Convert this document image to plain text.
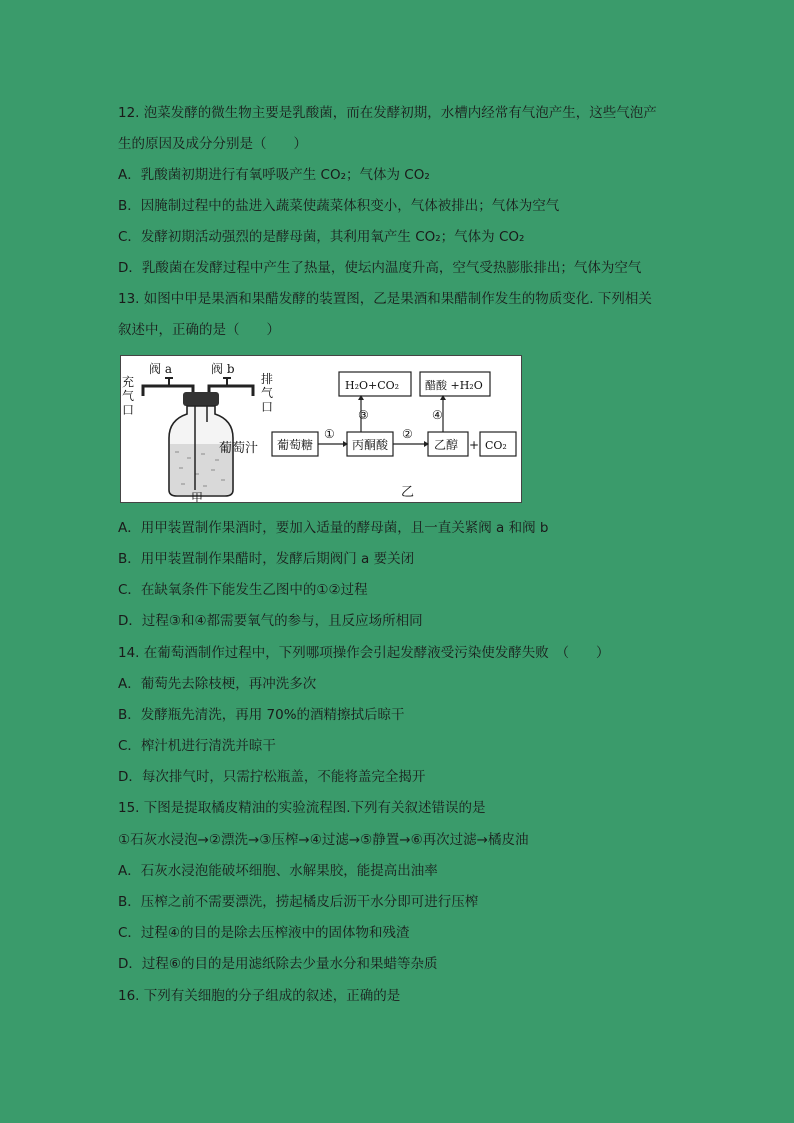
12. 泡菜发酵的微生物主要是乳酸菌，而在发酵初期，水槽内经常有气泡产生，这些气泡产
生的原因及成分分别是（　　）
A．乳酸菌初期进行有氧呼吸产生 CO₂；气体为 CO₂
B．因腌制过程中的盐进入蔬菜使蔬菜体积变小，气体被排出；气体为空气
C．发酵初期活动强烈的是酵母菌，其利用氧产生 CO₂；气体为 CO₂
D．乳酸菌在发酵过程中产生了热量，使坛内温度升高，空气受热膨胀排出；气体为空气
13. 如图中甲是果酒和果醋发酵的装置图，乙是果酒和果醋制作发生的物质变化. 下列相关
叙述中，正确的是（　　）
阀 a	阀 b
充
气
口
排
气
口
葡萄汁
甲
葡萄糖	丙酮酸	乙醇 + CO₂
H₂O+CO₂ 醋酸 +H₂O
①	②
③	④
乙
A．用甲装置制作果酒时，要加入适量的酵母菌，且一直关紧阀 a 和阀 b
B．用甲装置制作果醋时，发酵后期阀门 a 要关闭
C．在缺氧条件下能发生乙图中的①②过程
D．过程③和④都需要氧气的参与，且反应场所相同
14. 在葡萄酒制作过程中，下列哪项操作会引起发酵液受污染使发酵失败　（　　）
A．葡萄先去除枝梗，再冲洗多次
B．发酵瓶先清洗，再用 70%的酒精擦拭后晾干
C．榨汁机进行清洗并晾干
D．每次排气时，只需拧松瓶盖，不能将盖完全揭开
15. 下图是提取橘皮精油的实验流程图.下列有关叙述错误的是
①石灰水浸泡→②漂洗→③压榨→④过滤→⑤静置→⑥再次过滤→橘皮油
A．石灰水浸泡能破坏细胞、水解果胶，能提高出油率
B．压榨之前不需要漂洗，捞起橘皮后沥干水分即可进行压榨
C．过程④的目的是除去压榨液中的固体物和残渣
D．过程⑥的目的是用滤纸除去少量水分和果蜡等杂质
16. 下列有关细胞的分子组成的叙述，正确的是
